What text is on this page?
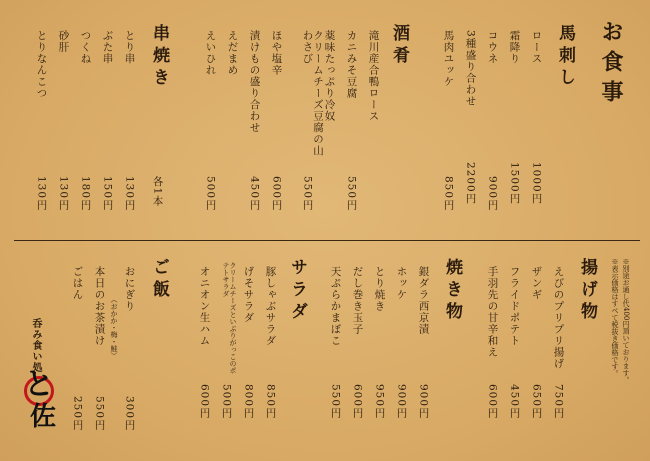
お食事
馬刺し
ロース
霜降り
コウネ
3種盛り合わせ
馬肉ユッケ
1000円
1500円
900円
2200円
850円
酒肴
滝川産合鴨ロース
カニみそ豆腐
薬味たっぷり冷奴
クリームチーズ豆腐の山わさび
ほや塩辛
漬けもの盛り合わせ
えだまめ
えいひれ
550円
550円
600円
450円
500円
串焼き
各1本
とり串
ぶた串
つくね
砂肝
とりなんこつ
130円
150円
180円
130円
130円
※別途お通し代400円頂いております。
※表示価格はすべて税抜き価格です。
揚げ物
えびのプリプリ揚げ
ザンギ
フライドポテト
手羽先の甘辛和え
750円
650円
450円
600円
焼き物
銀ダラ西京漬
ホッケ
とり焼き
だし巻き玉子
天ぷらかまぼこ
900円
900円
950円
600円
550円
サラダ
豚しゃぶサラダ
げそサラダ
クリームチーズといぶりがっこのポテトサラダ
オニオン生ハム
850円
800円
500円
600円
ご飯
おにぎり
（おかか・梅・鮭）
本日のお茶漬け
ごはん
300円
550円
250円
呑み食い処
と
佐
